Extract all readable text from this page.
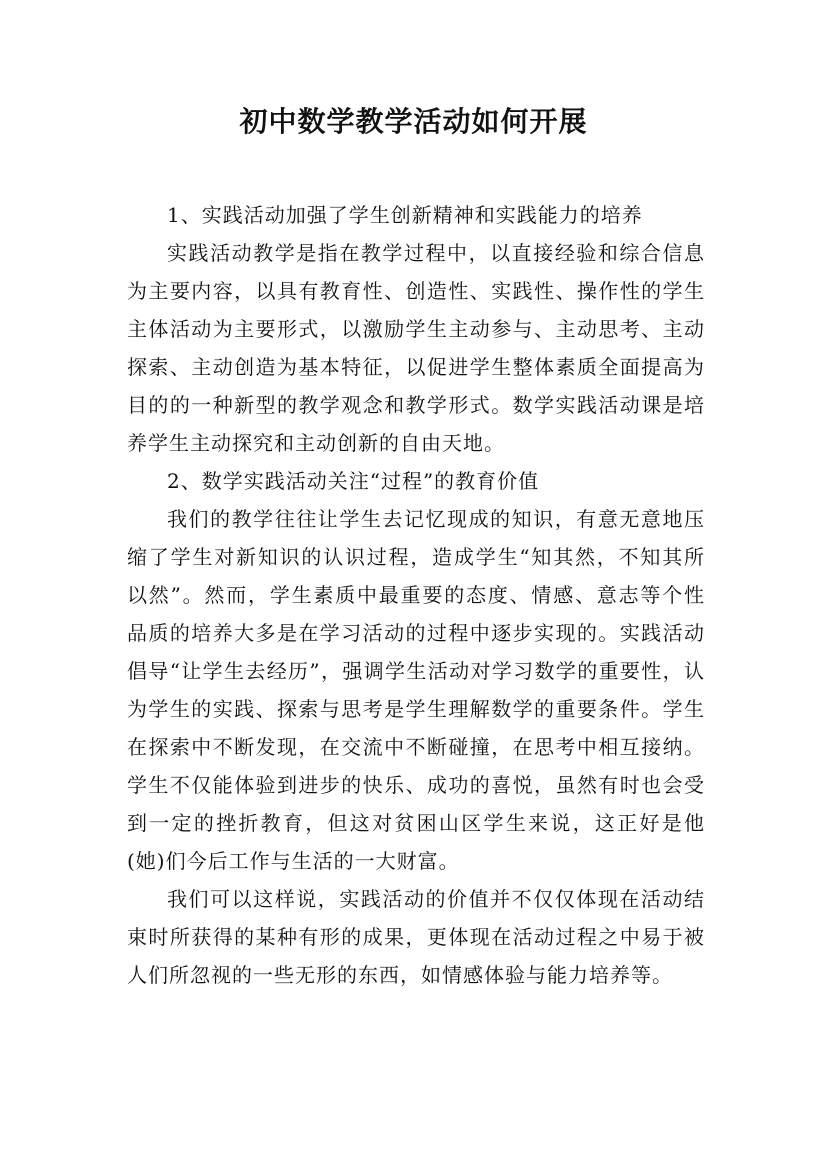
初中数学教学活动如何开展

1、实践活动加强了学生创新精神和实践能力的培养

实践活动教学是指在教学过程中，以直接经验和综合信息为主要内容，以具有教育性、创造性、实践性、操作性的学生主体活动为主要形式，以激励学生主动参与、主动思考、主动探索、主动创造为基本特征，以促进学生整体素质全面提高为目的的一种新型的教学观念和教学形式。数学实践活动课是培养学生主动探究和主动创新的自由天地。

2、数学实践活动关注“过程”的教育价值

我们的教学往往让学生去记忆现成的知识，有意无意地压缩了学生对新知识的认识过程，造成学生“知其然，不知其所以然”。然而，学生素质中最重要的态度、情感、意志等个性品质的培养大多是在学习活动的过程中逐步实现的。实践活动倡导“让学生去经历”，强调学生活动对学习数学的重要性，认为学生的实践、探索与思考是学生理解数学的重要条件。学生在探索中不断发现，在交流中不断碰撞，在思考中相互接纳。学生不仅能体验到进步的快乐、成功的喜悦，虽然有时也会受到一定的挫折教育，但这对贫困山区学生来说，这正好是他(她)们今后工作与生活的一大财富。

我们可以这样说，实践活动的价值并不仅仅体现在活动结束时所获得的某种有形的成果，更体现在活动过程之中易于被人们所忽视的一些无形的东西，如情感体验与能力培养等。
